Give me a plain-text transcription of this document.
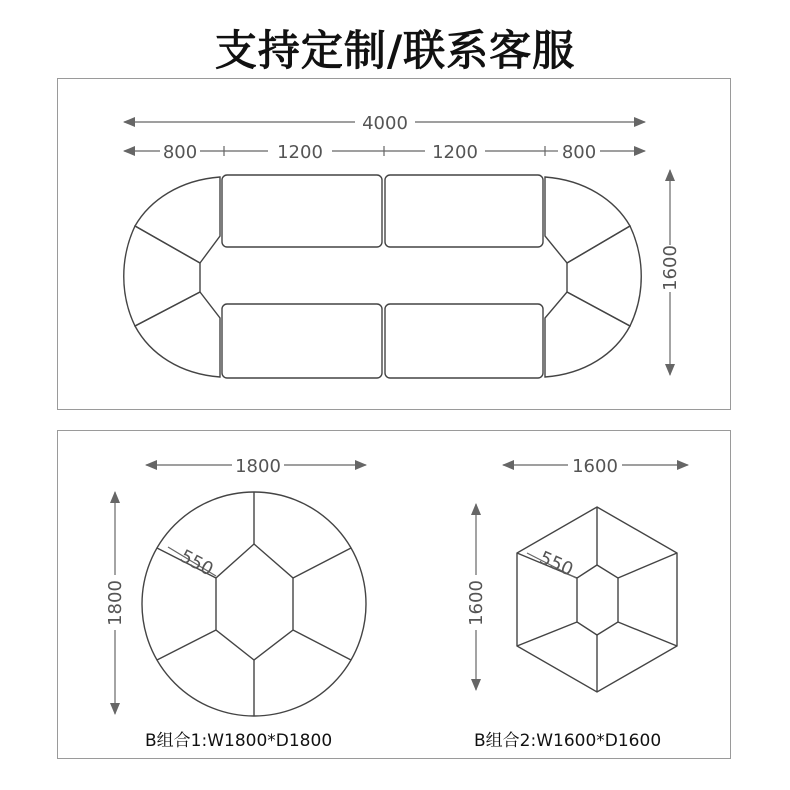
支持定制/联系客服
4000
800	1200	1200	800
1600
1800
1800
550
1600
1600
550
B组合1:W1800*D1800	B组合2:W1600*D1600
